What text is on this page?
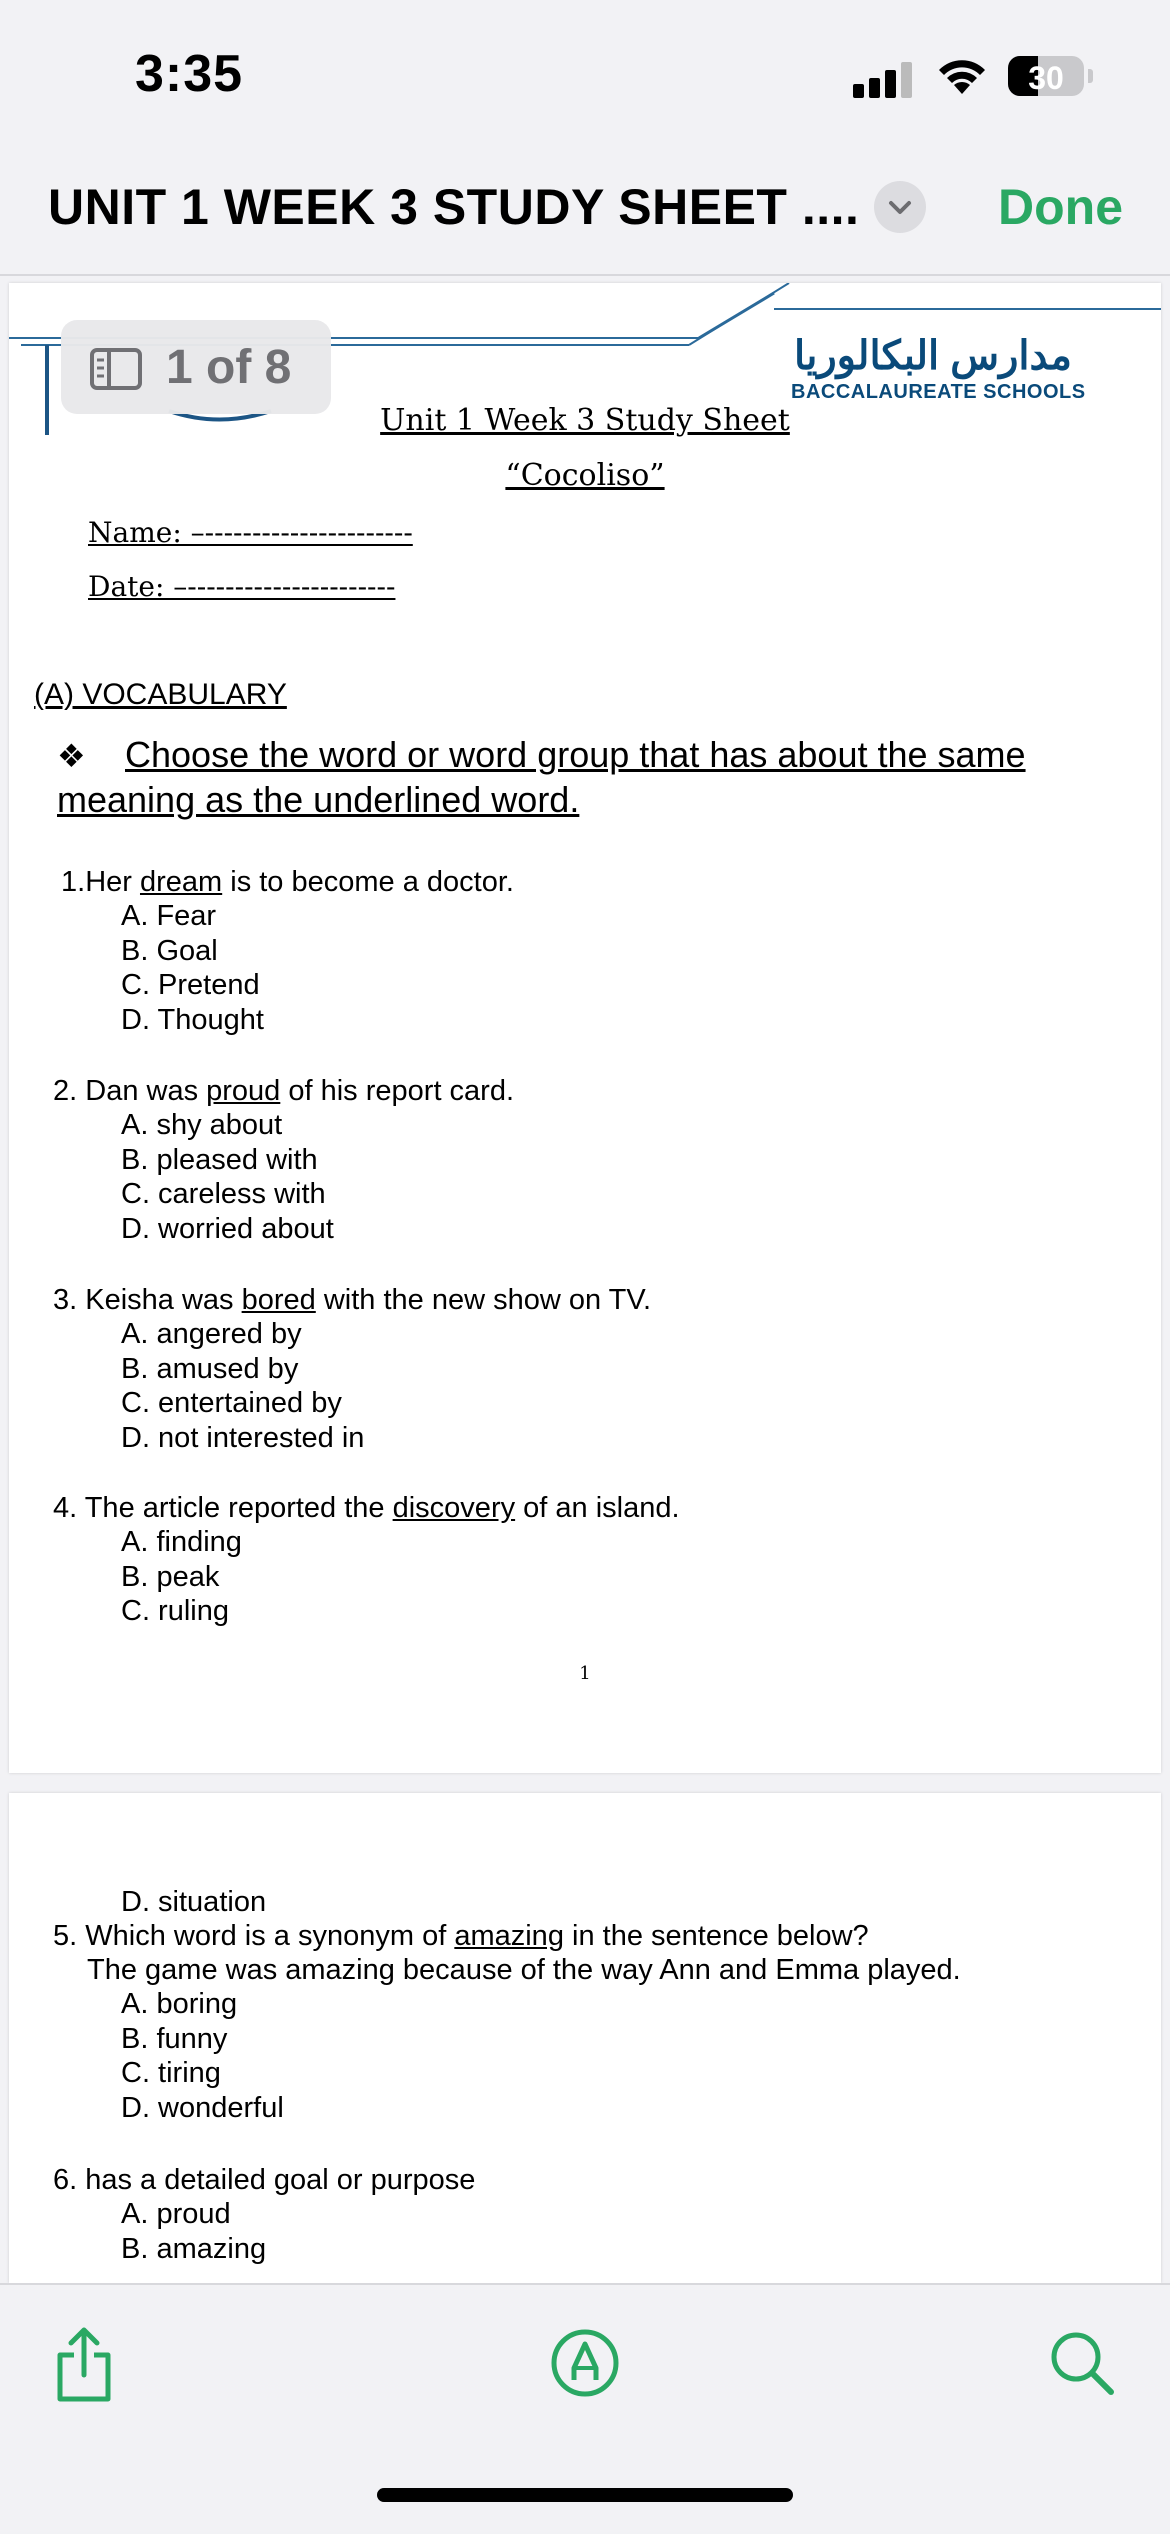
3:35	30
UNIT 1 WEEK 3 STUDY SHEET ....	Done
مدارس البكالوريا
BACCALAUREATE SCHOOLS
1 of 8
Unit 1 Week 3 Study Sheet
“Cocoliso”
Name: –----------------------
Date: –----------------------
(A) VOCABULARY
❖ Choose the word or word group that has about the same meaning as the underlined word.
1.Her dream is to become a doctor.
A. Fear
B. Goal
C. Pretend
D. Thought
2. Dan was proud of his report card.
A. shy about
B. pleased with
C. careless with
D. worried about
3. Keisha was bored with the new show on TV.
A. angered by
B. amused by
C. entertained by
D. not interested in
4. The article reported the discovery of an island.
A. finding
B. peak
C. ruling
1
D. situation
5. Which word is a synonym of amazing in the sentence below?
The game was amazing because of the way Ann and Emma played.
A. boring
B. funny
C. tiring
D. wonderful
6. has a detailed goal or purpose
A. proud
B. amazing
